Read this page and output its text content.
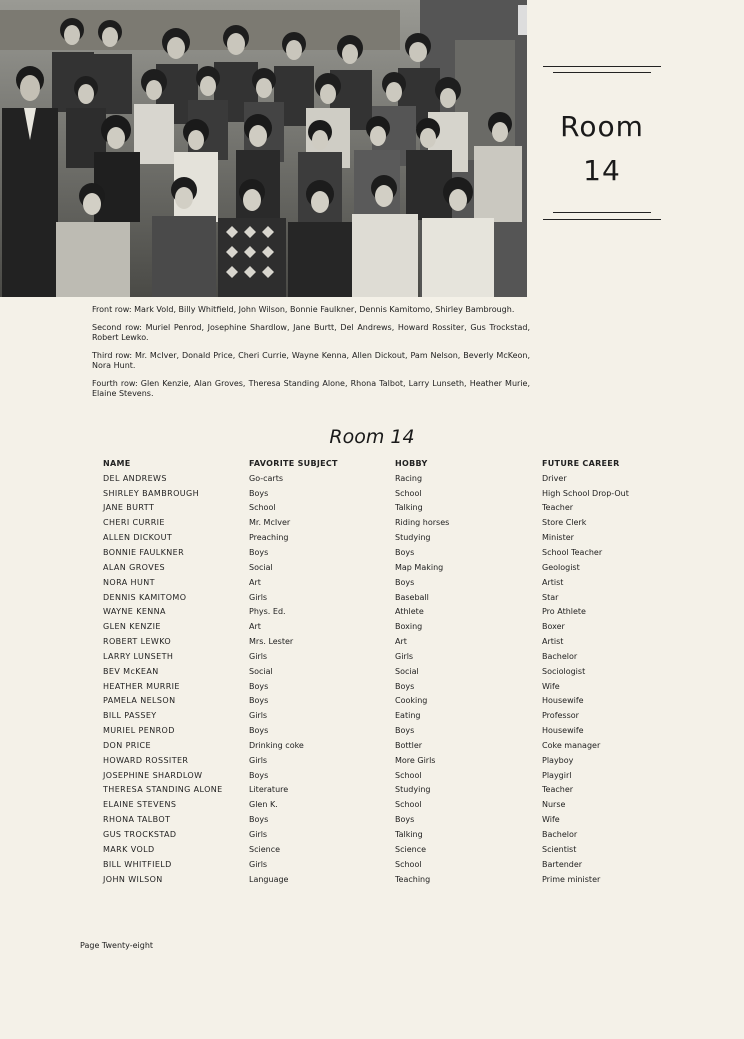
Room
14
Front row: Mark Vold, Billy Whitfield, John Wilson, Bonnie Faulkner, Dennis Kamitomo, Shirley Bambrough.
Second row: Muriel Penrod, Josephine Shardlow, Jane Burtt, Del Andrews, Howard Rossiter, Gus Trockstad, Robert Lewko.
Third row: Mr. McIver, Donald Price, Cheri Currie, Wayne Kenna, Allen Dickout, Pam Nelson, Beverly McKeon, Nora Hunt.
Fourth row: Glen Kenzie, Alan Groves, Theresa Standing Alone, Rhona Talbot, Larry Lunseth, Heather Murie, Elaine Stevens.
Room 14
NAME	FAVORITE SUBJECT	HOBBY	FUTURE CAREER
DEL ANDREWS	Go-carts	Racing	Driver
SHIRLEY BAMBROUGH	Boys	School	High School Drop-Out
JANE BURTT	School	Talking	Teacher
CHERI CURRIE	Mr. McIver	Riding horses	Store Clerk
ALLEN DICKOUT	Preaching	Studying	Minister
BONNIE FAULKNER	Boys	Boys	School Teacher
ALAN GROVES	Social	Map Making	Geologist
NORA HUNT	Art	Boys	Artist
DENNIS KAMITOMO	Girls	Baseball	Star
WAYNE KENNA	Phys. Ed.	Athlete	Pro Athlete
GLEN KENZIE	Art	Boxing	Boxer
ROBERT LEWKO	Mrs. Lester	Art	Artist
LARRY LUNSETH	Girls	Girls	Bachelor
BEV McKEAN	Social	Social	Sociologist
HEATHER MURRIE	Boys	Boys	Wife
PAMELA NELSON	Boys	Cooking	Housewife
BILL PASSEY	Girls	Eating	Professor
MURIEL PENROD	Boys	Boys	Housewife
DON PRICE	Drinking coke	Bottler	Coke manager
HOWARD ROSSITER	Girls	More Girls	Playboy
JOSEPHINE SHARDLOW	Boys	School	Playgirl
THERESA STANDING ALONE	Literature	Studying	Teacher
ELAINE STEVENS	Glen K.	School	Nurse
RHONA TALBOT	Boys	Boys	Wife
GUS TROCKSTAD	Girls	Talking	Bachelor
MARK VOLD	Science	Science	Scientist
BILL WHITFIELD	Girls	School	Bartender
JOHN WILSON	Language	Teaching	Prime minister
Page Twenty-eight
